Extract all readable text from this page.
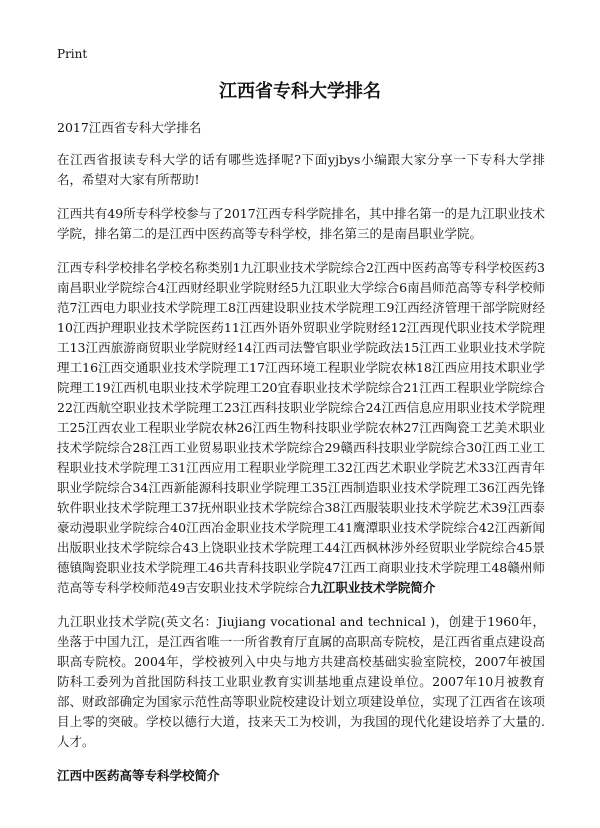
Print
江西省专科大学排名

2017江西省专科大学排名

在江西省报读专科大学的话有哪些选择呢?下面yjbys小编跟大家分享一下专科大学排名，希望对大家有所帮助!

江西共有49所专科学校参与了2017江西专科学院排名，其中排名第一的是九江职业技术学院，排名第二的是江西中医药高等专科学校，排名第三的是南昌职业学院。

江西专科学校排名学校名称类别1九江职业技术学院综合2江西中医药高等专科学校医药3南昌职业学院综合4江西财经职业学院财经5九江职业大学综合6南昌师范高等专科学校师范7江西电力职业技术学院理工8江西建设职业技术学院理工9江西经济管理干部学院财经10江西护理职业技术学院医药11江西外语外贸职业学院财经12江西现代职业技术学院理工13江西旅游商贸职业学院财经14江西司法警官职业学院政法15江西工业职业技术学院理工16江西交通职业技术学院理工17江西环境工程职业学院农林18江西应用技术职业学院理工19江西机电职业技术学院理工20宜春职业技术学院综合21江西工程职业学院综合22江西航空职业技术学院理工23江西科技职业学院综合24江西信息应用职业技术学院理工25江西农业工程职业学院农林26江西生物科技职业学院农林27江西陶瓷工艺美术职业技术学院综合28江西工业贸易职业技术学院综合29赣西科技职业学院综合30江西工业工程职业技术学院理工31江西应用工程职业学院理工32江西艺术职业学院艺术33江西青年职业学院综合34江西新能源科技职业学院理工35江西制造职业技术学院理工36江西先锋软件职业技术学院理工37抚州职业技术学院综合38江西服装职业技术学院艺术39江西泰豪动漫职业学院综合40江西冶金职业技术学院理工41鹰潭职业技术学院综合42江西新闻出版职业技术学院综合43上饶职业技术学院理工44江西枫林涉外经贸职业学院综合45景德镇陶瓷职业技术学院理工46共青科技职业学院47江西工商职业技术学院理工48赣州师范高等专科学校师范49吉安职业技术学院综合九江职业技术学院简介

九江职业技术学院(英文名：Jiujiang vocational and technical )，创建于1960年，坐落于中国九江，是江西省唯一一所省教育厅直属的高职高专院校，是江西省重点建设高职高专院校。2004年，学校被列入中央与地方共建高校基础实验室院校，2007年被国防科工委列为首批国防科技工业职业教育实训基地重点建设单位。2007年10月被教育部、财政部确定为国家示范性高等职业院校建设计划立项建设单位，实现了江西省在该项目上零的突破。学校以德行大道，技来天工为校训，为我国的现代化建设培养了大量的.人才。

江西中医药高等专科学校简介
